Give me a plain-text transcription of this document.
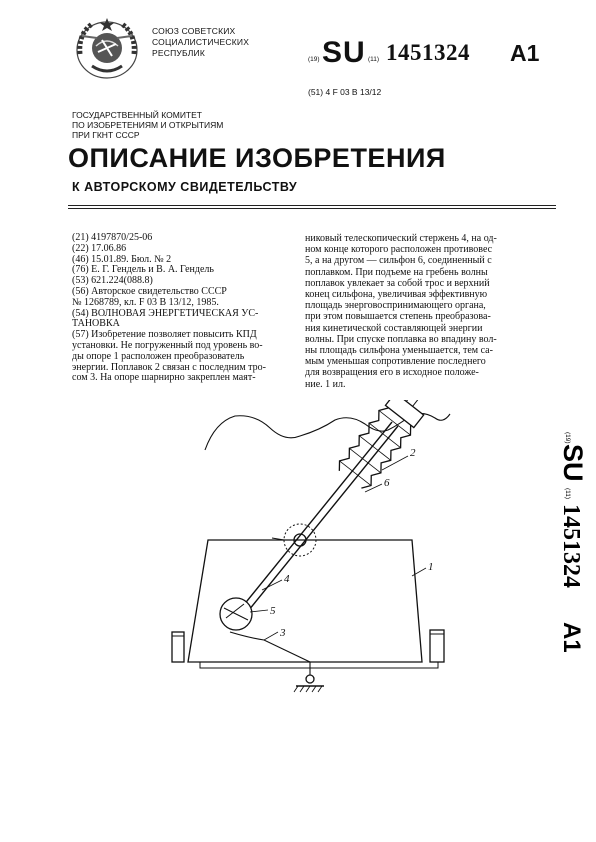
СОЮЗ СОВЕТСКИХ
СОЦИАЛИСТИЧЕСКИХ
РЕСПУБЛИК
(19) SU (11) 1451324 A1
(51) 4 F 03 B 13/12
ГОСУДАРСТВЕННЫЙ КОМИТЕТ
ПО ИЗОБРЕТЕНИЯМ И ОТКРЫТИЯМ
ПРИ ГКНТ СССР
ОПИСАНИЕ ИЗОБРЕТЕНИЯ
К АВТОРСКОМУ СВИДЕТЕЛЬСТВУ
(21) 4197870/25-06
(22) 17.06.86
(46) 15.01.89. Бюл. № 2
(76) Е. Г. Гендель и В. А. Гендель
(53) 621.224(088.8)
(56) Авторское свидетельство СССР
№ 1268789, кл. F 03 B 13/12, 1985.
(54) ВОЛНОВАЯ ЭНЕРГЕТИЧЕСКАЯ УС-
ТАНОВКА
(57) Изобретение позволяет повысить КПД
установки. Не погруженный под уровень во-
ды опоре 1 расположен преобразователь
энергии. Поплавок 2 связан с последним тро-
сом 3. На опоре шарнирно закреплен маят-
никовый телескопический стержень 4, на од-
ном конце которого расположен противовес
5, а на другом — сильфон 6, соединенный с
поплавком. При подъеме на гребень волны
поплавок увлекает за собой трос и верхний
конец сильфона, увеличивая эффективную
площадь энерговоспринимающего органа,
при этом повышается степень преобразова-
ния кинетической составляющей энергии
волны. При спуске поплавка во впадину вол-
ны площадь сильфона уменьшается, тем са-
мым уменьшая сопротивление последнего
для возвращения его в исходное положе-
ние. 1 ил.
(19)
SU
(11)
1451324
A1
2
6
1
4
5
3
